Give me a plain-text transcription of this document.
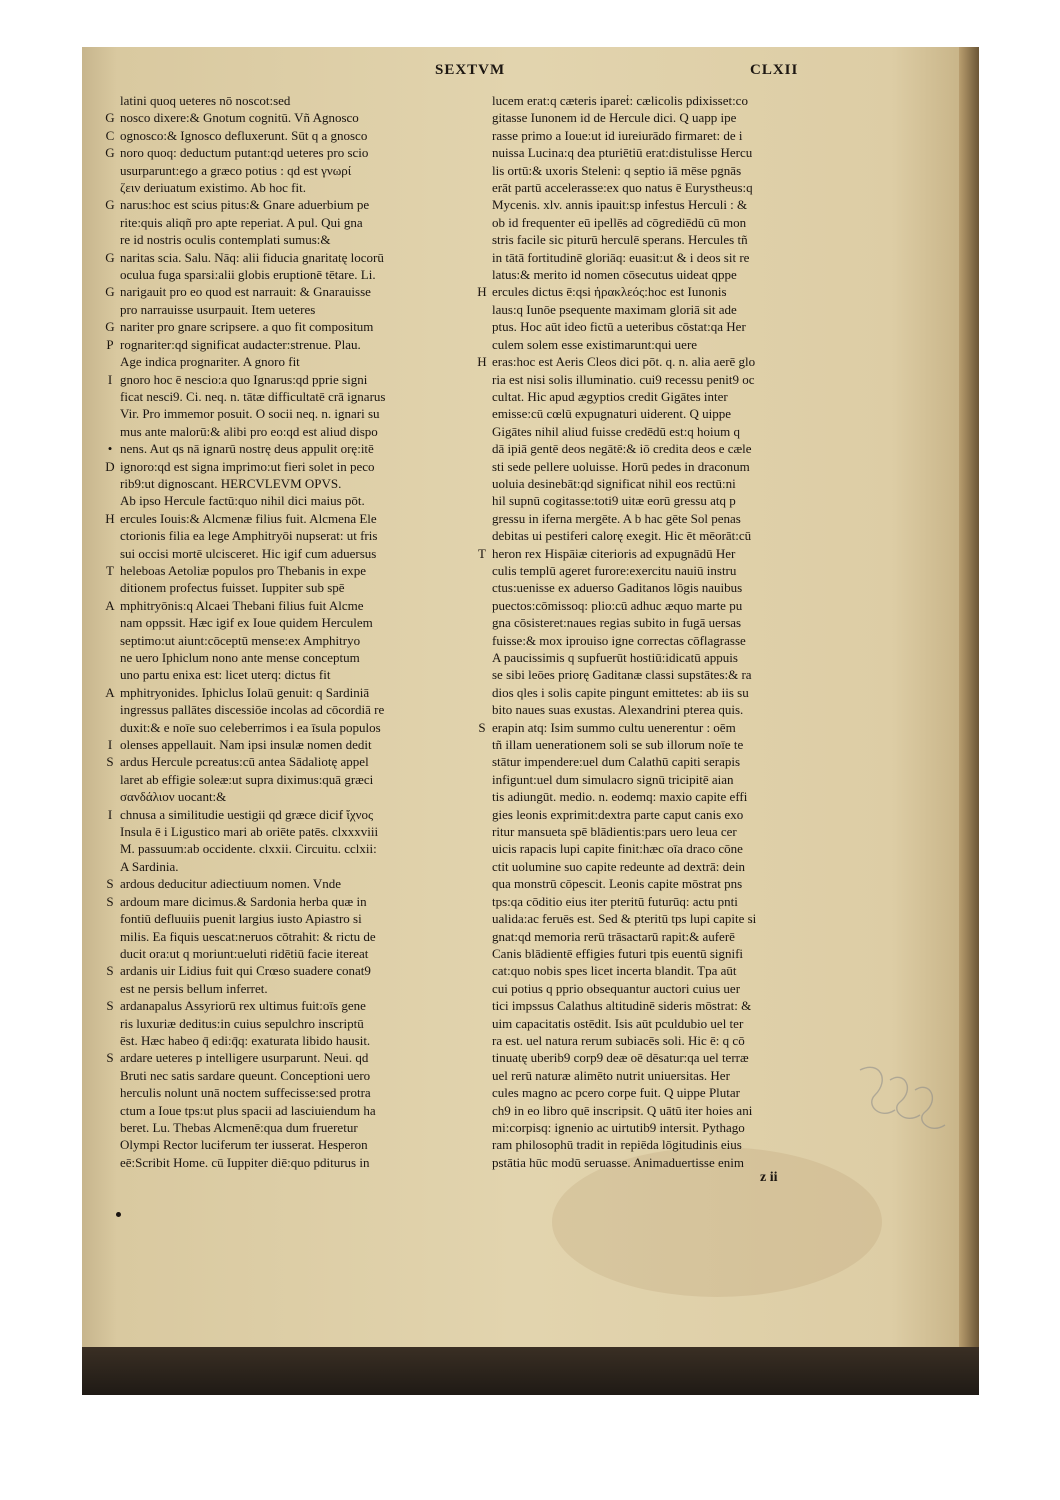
SEXTVM	CLXII
latini quoq ueteres nō noscot:sed
G nosco dixere:& Gnotum cognitū. Vñ Agnosco
C ognosco:& Ignosco defluxerunt. Sūt q a gnosco
G noro quoq: deductum putant:qd ueteres pro scio
usurparunt:ego a græco potius : qd est γνωρί
ζειν deriuatum existimo. Ab hoc fit.
G narus:hoc est scius pitus:& Gnare aduerbium pe
rite:quis aliqñ pro apte reperiat. A pul. Qui gna
re id nostris oculis contemplati sumus:&
G naritas scia. Salu. Nāq: alii fiducia gnaritatę locorū
oculua fuga sparsi:alii globis eruptionē tētare. Li.
G narigauit pro eo quod est narrauit: & Gnarauisse
pro narrauisse usurpauit. Item ueteres
G nariter pro gnare scripsere. a quo fit compositum
P rognariter:qd significat audacter:strenue. Plau.
Age indica prognariter. A gnoro fit
I gnoro hoc ē nescio:a quo Ignarus:qd pprie signi
ficat nesci9. Ci. neq. n. tātæ difficultatē crā ignarus
Vir. Pro immemor posuit. O socii neq. n. ignari su
mus ante malorū:& alibi pro eo:qd est aliud dispo
• nens. Aut qs nā ignarū nostrę deus appulit orę:itē
D ignoro:qd est signa imprimo:ut fieri solet in peco
rib9:ut dignoscant. HERCVLEVM OPVS.
Ab ipso Hercule factū:quo nihil dici maius pōt.
H ercules Iouis:& Alcmenæ filius fuit. Alcmena Ele
ctorionis filia ea lege Amphitryōi nupserat: ut fris
sui occisi mortē ulcisceret. Hic igif cum aduersus
T heleboas Aetoliæ populos pro Thebanis in expe
ditionem profectus fuisset. Iuppiter sub spē
A mphitryōnis:q Alcaei Thebani filius fuit Alcme
nam oppssit. Hæc igif ex Ioue quidem Herculem
septimo:ut aiunt:cōceptū mense:ex Amphitryo
ne uero Iphiclum nono ante mense conceptum
uno partu enixa est: licet uterq: dictus fit
A mphitryonides. Iphiclus Iolaū genuit: q Sardiniā
ingressus pallātes discessiōe incolas ad cōcordiā re
duxit:& e noīe suo celeberrimos i ea īsula populos
I olenses appellauit. Nam ipsi insulæ nomen dedit
S ardus Hercule pcreatus:cū antea Sādaliotę appel
laret ab effigie soleæ:ut supra diximus:quā græci
σανδάλιον uocant:&
I chnusa a similitudie uestigii qd græce dicif ἴχνος
Insula ē i Ligustico mari ab oriēte patēs. clxxxviii
M. passuum:ab occidente. clxxii. Circuitu. cclxii:
A Sardinia.
S ardous deducitur adiectiuum nomen. Vnde
S ardoum mare dicimus.& Sardonia herba quæ in
fontiū defluuiis puenit largius iusto Apiastro si
milis. Ea fiquis uescat:neruos cōtrahit: & rictu de
ducit ora:ut q moriunt:ueluti ridētiū facie itereat
S ardanis uir Lidius fuit qui Crœso suadere conat9
est ne persis bellum inferret.
S ardanapalus Assyriorū rex ultimus fuit:oīs gene
ris luxuriæ deditus:in cuius sepulchro inscriptū
ēst. Hæc habeo q̄ edi:q̄q: exaturata libido hausit.
S ardare ueteres p intelligere usurparunt. Neui. qd
Bruti nec satis sardare queunt. Conceptioni uero
herculis nolunt unā noctem suffecisse:sed protra
ctum a Ioue tps:ut plus spacii ad lasciuiendum ha
beret. Lu. Thebas Alcmenē:qua dum frueretur
Olympi Rector luciferum ter iusserat. Hesperon
eē:Scribit Home. cū Iuppiter diē:quo pditurus in
lucem erat:q cæteris ipareṫ: cælicolis pdixisset:co
gitasse Iunonem id de Hercule dici. Q uapp ipe
rasse primo a Ioue:ut id iureiurādo firmaret: de i
nuissa Lucina:q dea pturiētiū erat:distulisse Hercu
lis ortū:& uxoris Steleni: q septio iā mēse pgnās
erāt partū accelerasse:ex quo natus ē Eurystheus:q
Mycenis. xlv. annis ipauit:sp infestus Herculi : &
ob id frequenter eū ipellēs ad cōgrediēdū cū mon
stris facile sic piturū herculē sperans. Hercules tñ
in tātā fortitudinē gloriāq: euasit:ut & i deos sit re
latus:& merito id nomen cōsecutus uideat qppe
H ercules dictus ē:qsi ἡρακλεός:hoc est Iunonis
laus:q Iunōe psequente maximam gloriā sit ade
ptus. Hoc aūt ideo fictū a ueteribus cōstat:qa Her
culem solem esse existimarunt:qui uere
H eras:hoc est Aeris Cleos dici pōt. q. n. alia aerē glo
ria est nisi solis illuminatio. cui9 recessu penit9 oc
cultat. Hic apud ægyptios credit Gigātes inter
emisse:cū cœlū expugnaturi uiderent. Q uippe
Gigātes nihil aliud fuisse credēdū est:q hoium q
dā ipiā gentē deos negātē:& iō credita deos e cæle
sti sede pellere uoluisse. Horū pedes in draconum
uoluia desinebāt:qd significat nihil eos rectū:ni
hil supnū cogitasse:toti9 uitæ eorū gressu atq p
gressu in iferna mergēte. A b hac gēte Sol penas
debitas ui pestiferi calorę exegit. Hic ēt mēorāt:cū
T heron rex Hispāiæ citerioris ad expugnādū Her
culis templū ageret furore:exercitu nauiū instru
ctus:uenisse ex aduerso Gaditanos lōgis nauibus
puectos:cōmissoq: plio:cū adhuc æquo marte pu
gna cōsisteret:naues regias subito in fugā uersas
fuisse:& mox iprouiso igne correctas cōflagrasse
A paucissimis q supfuerūt hostiū:idicatū appuis
se sibi leōes priorę Gaditanæ classi supstātes:& ra
dios qles i solis capite pingunt emittetes: ab iis su
bito naues suas exustas. Alexandrini pterea quis.
S erapin atq: Isim summo cultu uenerentur : oēm
tñ illam uenerationem soli se sub illorum noīe te
stātur impendere:uel dum Calathū capiti serapis
infigunt:uel dum simulacro signū tricipitē aian
tis adiungūt. medio. n. eodemq: maxio capite effi
gies leonis exprimit:dextra parte caput canis exo
ritur mansueta spē blādientis:pars uero leua cer
uicis rapacis lupi capite finit:hæc oīa draco cōne
ctit uolumine suo capite redeunte ad dextrā: dein
qua monstrū cōpescit. Leonis capite mōstrat pns
tps:qa cōditio eius iter pteritū futurūq: actu pnti
ualida:ac feruēs est. Sed & pteritū tps lupi capite si
gnat:qd memoria rerū trāsactarū rapit:& auferē
Canis blādientē effigies futuri tpis euentū signifi
cat:quo nobis spes licet incerta blandit. Tpa aūt
cui potius q pprio obsequantur auctori cuius uer
tici impssus Calathus altitudinē sideris mōstrat: &
uim capacitatis ostēdit. Isis aūt pculdubio uel ter
ra est. uel natura rerum subiacēs soli. Hic ē: q cō
tinuatę uberib9 corp9 deæ oē dēsatur:qa uel terræ
uel rerū naturæ alimēto nutrit uniuersitas. Her
cules magno ac pcero corpe fuit. Q uippe Plutar
ch9 in eo libro quē inscripsit. Q uātū iter hoies ani
mi:corpisq: ignenio ac uirtutib9 intersit. Pythago
ram philosophū tradit in repiēda lōgitudinis eius
pstātia hūc modū seruasse. Animaduertisse enim
z ii
